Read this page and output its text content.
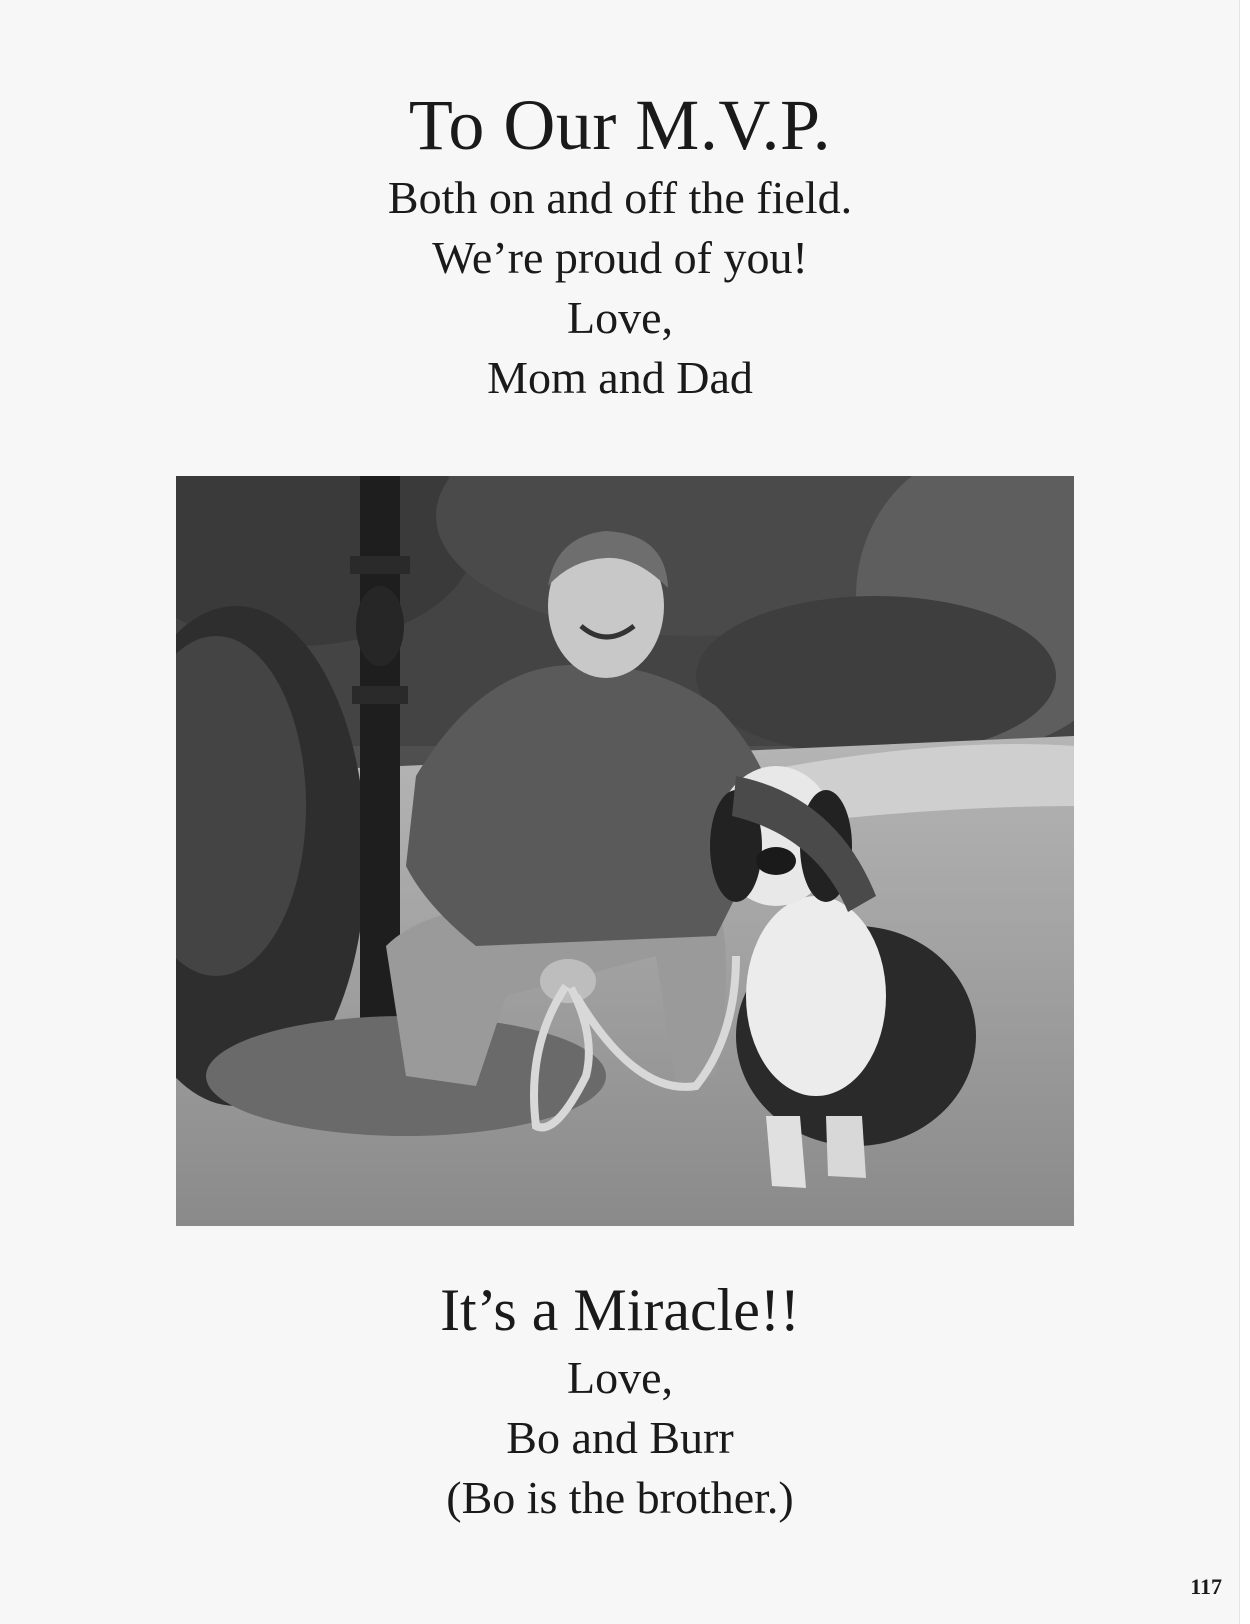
To Our M.V.P.

Both on and off the field.

We’re proud of you!

Love,

Mom and Dad

It’s a Miracle!!

Love,

Bo and Burr

(Bo is the brother.)

117
